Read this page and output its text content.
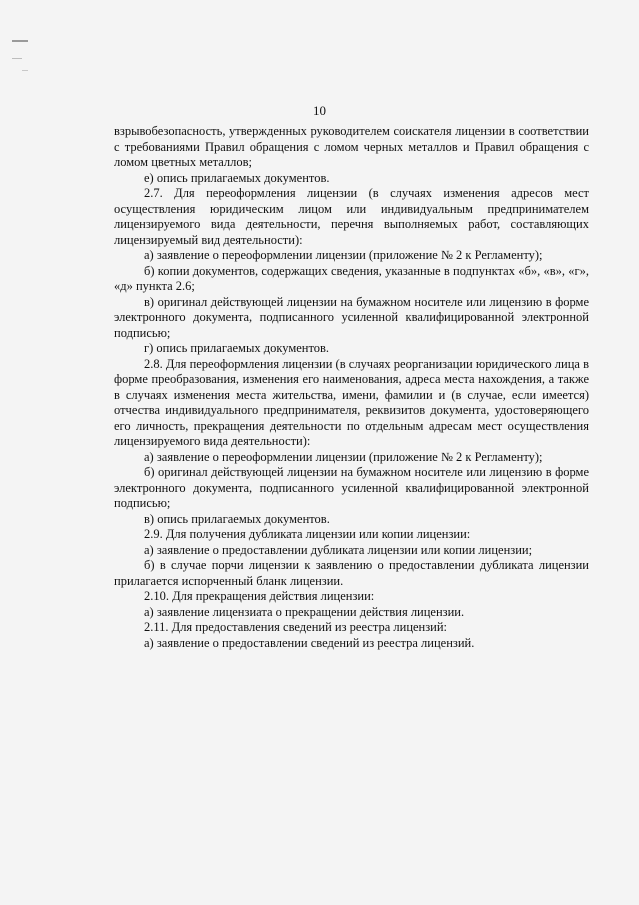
10

взрывобезопасность, утвержденных руководителем соискателя лицензии в соответствии с требованиями Правил обращения с ломом черных металлов и Правил обращения с ломом цветных металлов;

е) опись прилагаемых документов.

2.7. Для переоформления лицензии (в случаях изменения адресов мест осуществления юридическим лицом или индивидуальным предпринимателем лицензируемого вида деятельности, перечня выполняемых работ, составляющих лицензируемый вид деятельности):

а) заявление о переоформлении лицензии (приложение № 2 к Регламенту);

б) копии документов, содержащих сведения, указанные в подпунктах «б», «в», «г», «д» пункта 2.6;

в) оригинал действующей лицензии на бумажном носителе или лицензию в форме электронного документа, подписанного усиленной квалифицированной электронной подписью;

г) опись прилагаемых документов.

2.8. Для переоформления лицензии (в случаях реорганизации юридического лица в форме преобразования, изменения его наименования, адреса места нахождения, а также в случаях изменения места жительства, имени, фамилии и (в случае, если имеется) отчества индивидуального предпринимателя, реквизитов документа, удостоверяющего его личность, прекращения деятельности по отдельным адресам мест осуществления лицензируемого вида деятельности):

а) заявление о переоформлении лицензии (приложение № 2 к Регламенту);

б) оригинал действующей лицензии на бумажном носителе или лицензию в форме электронного документа, подписанного усиленной квалифицированной электронной подписью;

в) опись прилагаемых документов.

2.9. Для получения дубликата лицензии или копии лицензии:

а) заявление о предоставлении дубликата лицензии или копии лицензии;

б) в случае порчи лицензии к заявлению о предоставлении дубликата лицензии прилагается испорченный бланк лицензии.

2.10. Для прекращения действия лицензии:

а) заявление лицензиата о прекращении действия лицензии.

2.11. Для предоставления сведений из реестра лицензий:

а) заявление о предоставлении сведений из реестра лицензий.
